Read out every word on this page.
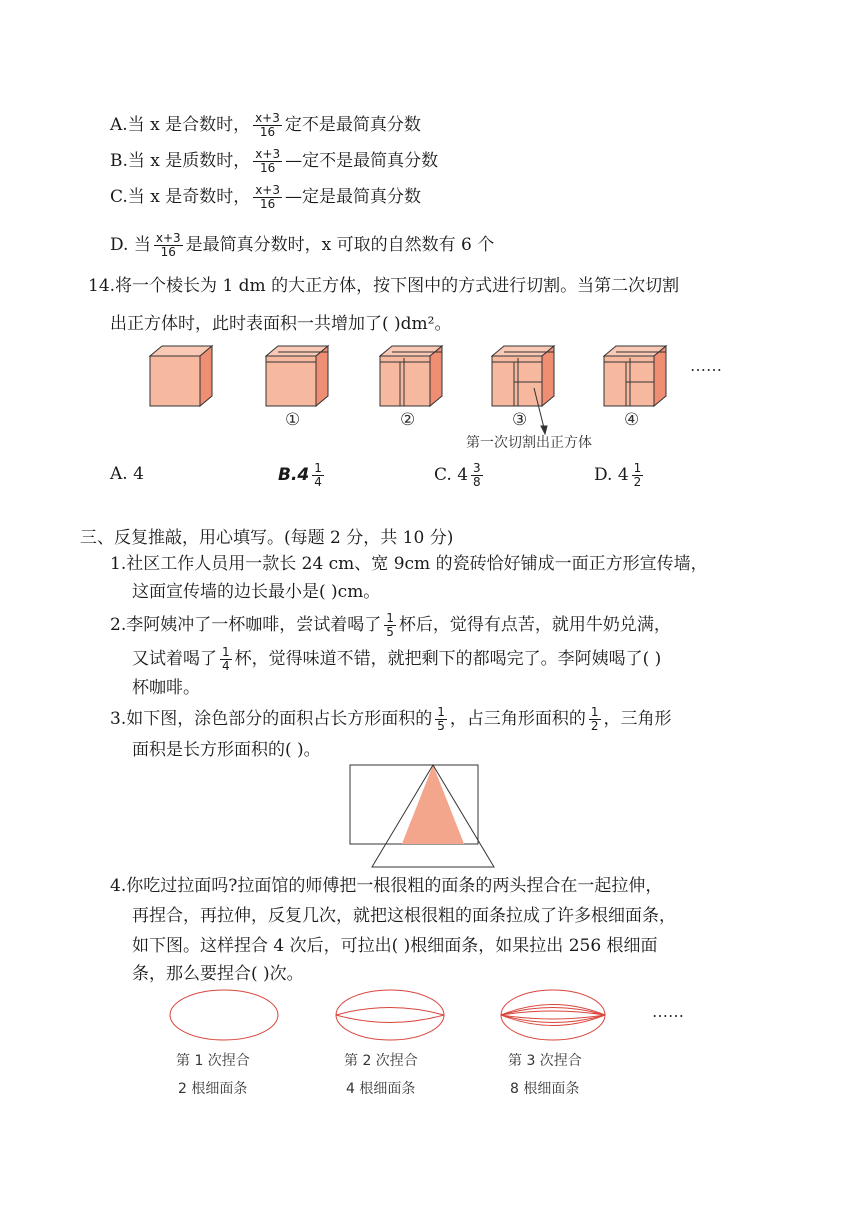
A.当 x 是合数时， $\frac{x+3}{16}$ 定不是最简真分数
B.当 x 是质数时， $\frac{x+3}{16}$ —定不是最简真分数
C.当 x 是奇数时， $\frac{x+3}{16}$ —定是最简真分数
D. 当 $\frac{x+3}{16}$ 是最简真分数时，x 可取的自然数有 6 个
14.将一个棱长为 1 dm 的大正方体，按下图中的方式进行切割。当第二次切割
出正方体时，此时表面积一共增加了( )dm²。
……
①	②	③	④
第一次切割出正方体
A. 4	$B.4 \frac{1}{4}$	C. $4 \frac{3}{8}$	D. $4 \frac{1}{2}$
三、反复推敲，用心填写。(每题 2 分，共 10 分)
1.社区工作人员用一款长 24 cm、宽 9cm 的瓷砖恰好铺成一面正方形宣传墙，
这面宣传墙的边长最小是( )cm。
2.李阿姨冲了一杯咖啡，尝试着喝了 $\frac{1}{5}$ 杯后，觉得有点苦，就用牛奶兑满，
又试着喝了 $\frac{1}{4}$ 杯，觉得味道不错，就把剩下的都喝完了。李阿姨喝了( )
杯咖啡。
3.如下图，涂色部分的面积占长方形面积的 $\frac{1}{5}$ ，占三角形面积的 $\frac{1}{2}$ ，三角形
面积是长方形面积的( )。
4.你吃过拉面吗?拉面馆的师傅把一根很粗的面条的两头捏合在一起拉伸，
再捏合，再拉伸，反复几次，就把这根很粗的面条拉成了许多根细面条，
如下图。这样捏合 4 次后，可拉出( )根细面条，如果拉出 256 根细面
条，那么要捏合( )次。
……
第 1 次捏合
2 根细面条
第 2 次捏合
4 根细面条
第 3 次捏合
8 根细面条
